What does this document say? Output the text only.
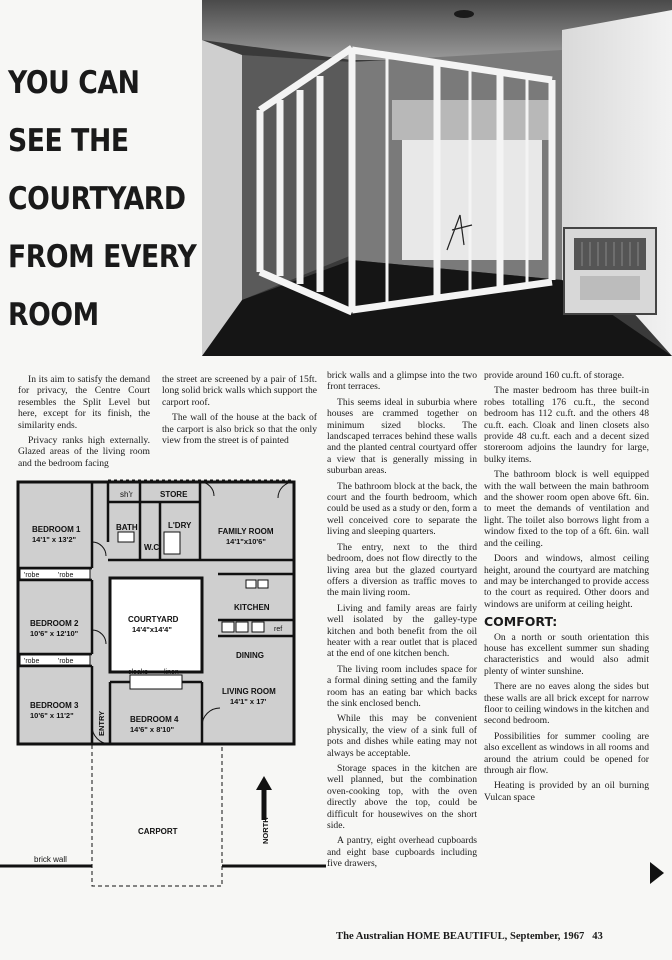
YOU CAN
SEE THE
COURTYARD
FROM EVERY
ROOM

In its aim to satisfy the demand for privacy, the Centre Court resembles the Split Level but here, except for its finish, the similarity ends.

Privacy ranks high externally. Glazed areas of the living room and the bedroom facing

the street are screened by a pair of 15ft. long solid brick walls which support the carport roof.

The wall of the house at the back of the carport is also brick so that the only view from the street is of painted

brick walls and a glimpse into the two front terraces.

This seems ideal in suburbia where houses are crammed together on minimum sized blocks. The landscaped terraces behind these walls and the planted central courtyard offer a view that is generally missing in suburban areas.

The bathroom block at the back, the court and the fourth bedroom, which could be used as a study or den, form a well conceived core to separate the living and sleeping quarters.

The entry, next to the third bedroom, does not flow directly to the living area but the glazed courtyard offers a diversion as traffic moves to the main living room.

Living and family areas are fairly well isolated by the galley-type kitchen and both benefit from the oil heater with a rear outlet that is placed at the end of one kitchen bench.

The living room includes space for a formal dining setting and the family room has an eating bar which backs the sink enclosed bench.

While this may be convenient physically, the view of a sink full of pots and dishes while eating may not always be acceptable.

Storage spaces in the kitchen are well planned, but the combination oven-cooking top, with the oven directly above the top, could be difficult for housewives on the short side.

A pantry, eight overhead cupboards and eight base cupboards including five drawers,

provide around 160 cu.ft. of storage.

The master bedroom has three built-in robes totalling 176 cu.ft., the second bedroom has 112 cu.ft. and the others 48 cu.ft. each. Cloak and linen closets also provide 48 cu.ft. each and a decent sized storeroom adjoins the laundry for large, bulky items.

The bathroom block is well equipped with the wall between the main bathroom and the shower room open above 6ft. 6in. to meet the demands of ventilation and light. The toilet also borrows light from a window fixed to the top of a 6ft. 6in. wall and the ceiling.

Doors and windows, almost ceiling height, around the courtyard are matching and may be interchanged to provide access to the court as required. Other doors and windows are uniform at ceiling height.

COMFORT:

On a north or south orientation this house has excellent summer sun shading characteristics and would also admit plenty of winter sunshine.

There are no eaves along the sides but these walls are all brick except for narrow floor to ceiling windows in the kitchen and second bedroom.

Possibilities for summer cooling are also excellent as windows in all rooms and around the atrium could be opened for through air flow.

Heating is provided by an oil burning Vulcan space

sh'r	STORE
L'DRY
BATH
W.C.
BEDROOM 1
14'1" x 13'2"
FAMILY ROOM
14'1"x10'6"
'robe	'robe
BEDROOM 2
10'6" x 12'10"
COURTYARD
14'4"x14'4"
KITCHEN
ref
DINING
'robe	'robe
BEDROOM 3
10'6" x 11'2"
cloaks linen
LIVING ROOM
14'1" x 17'
ENTRY	BEDROOM 4
14'6" x 8'10"
CARPORT	NORTH
brick wall
The Australian HOME BEAUTIFUL, September, 1967 43
